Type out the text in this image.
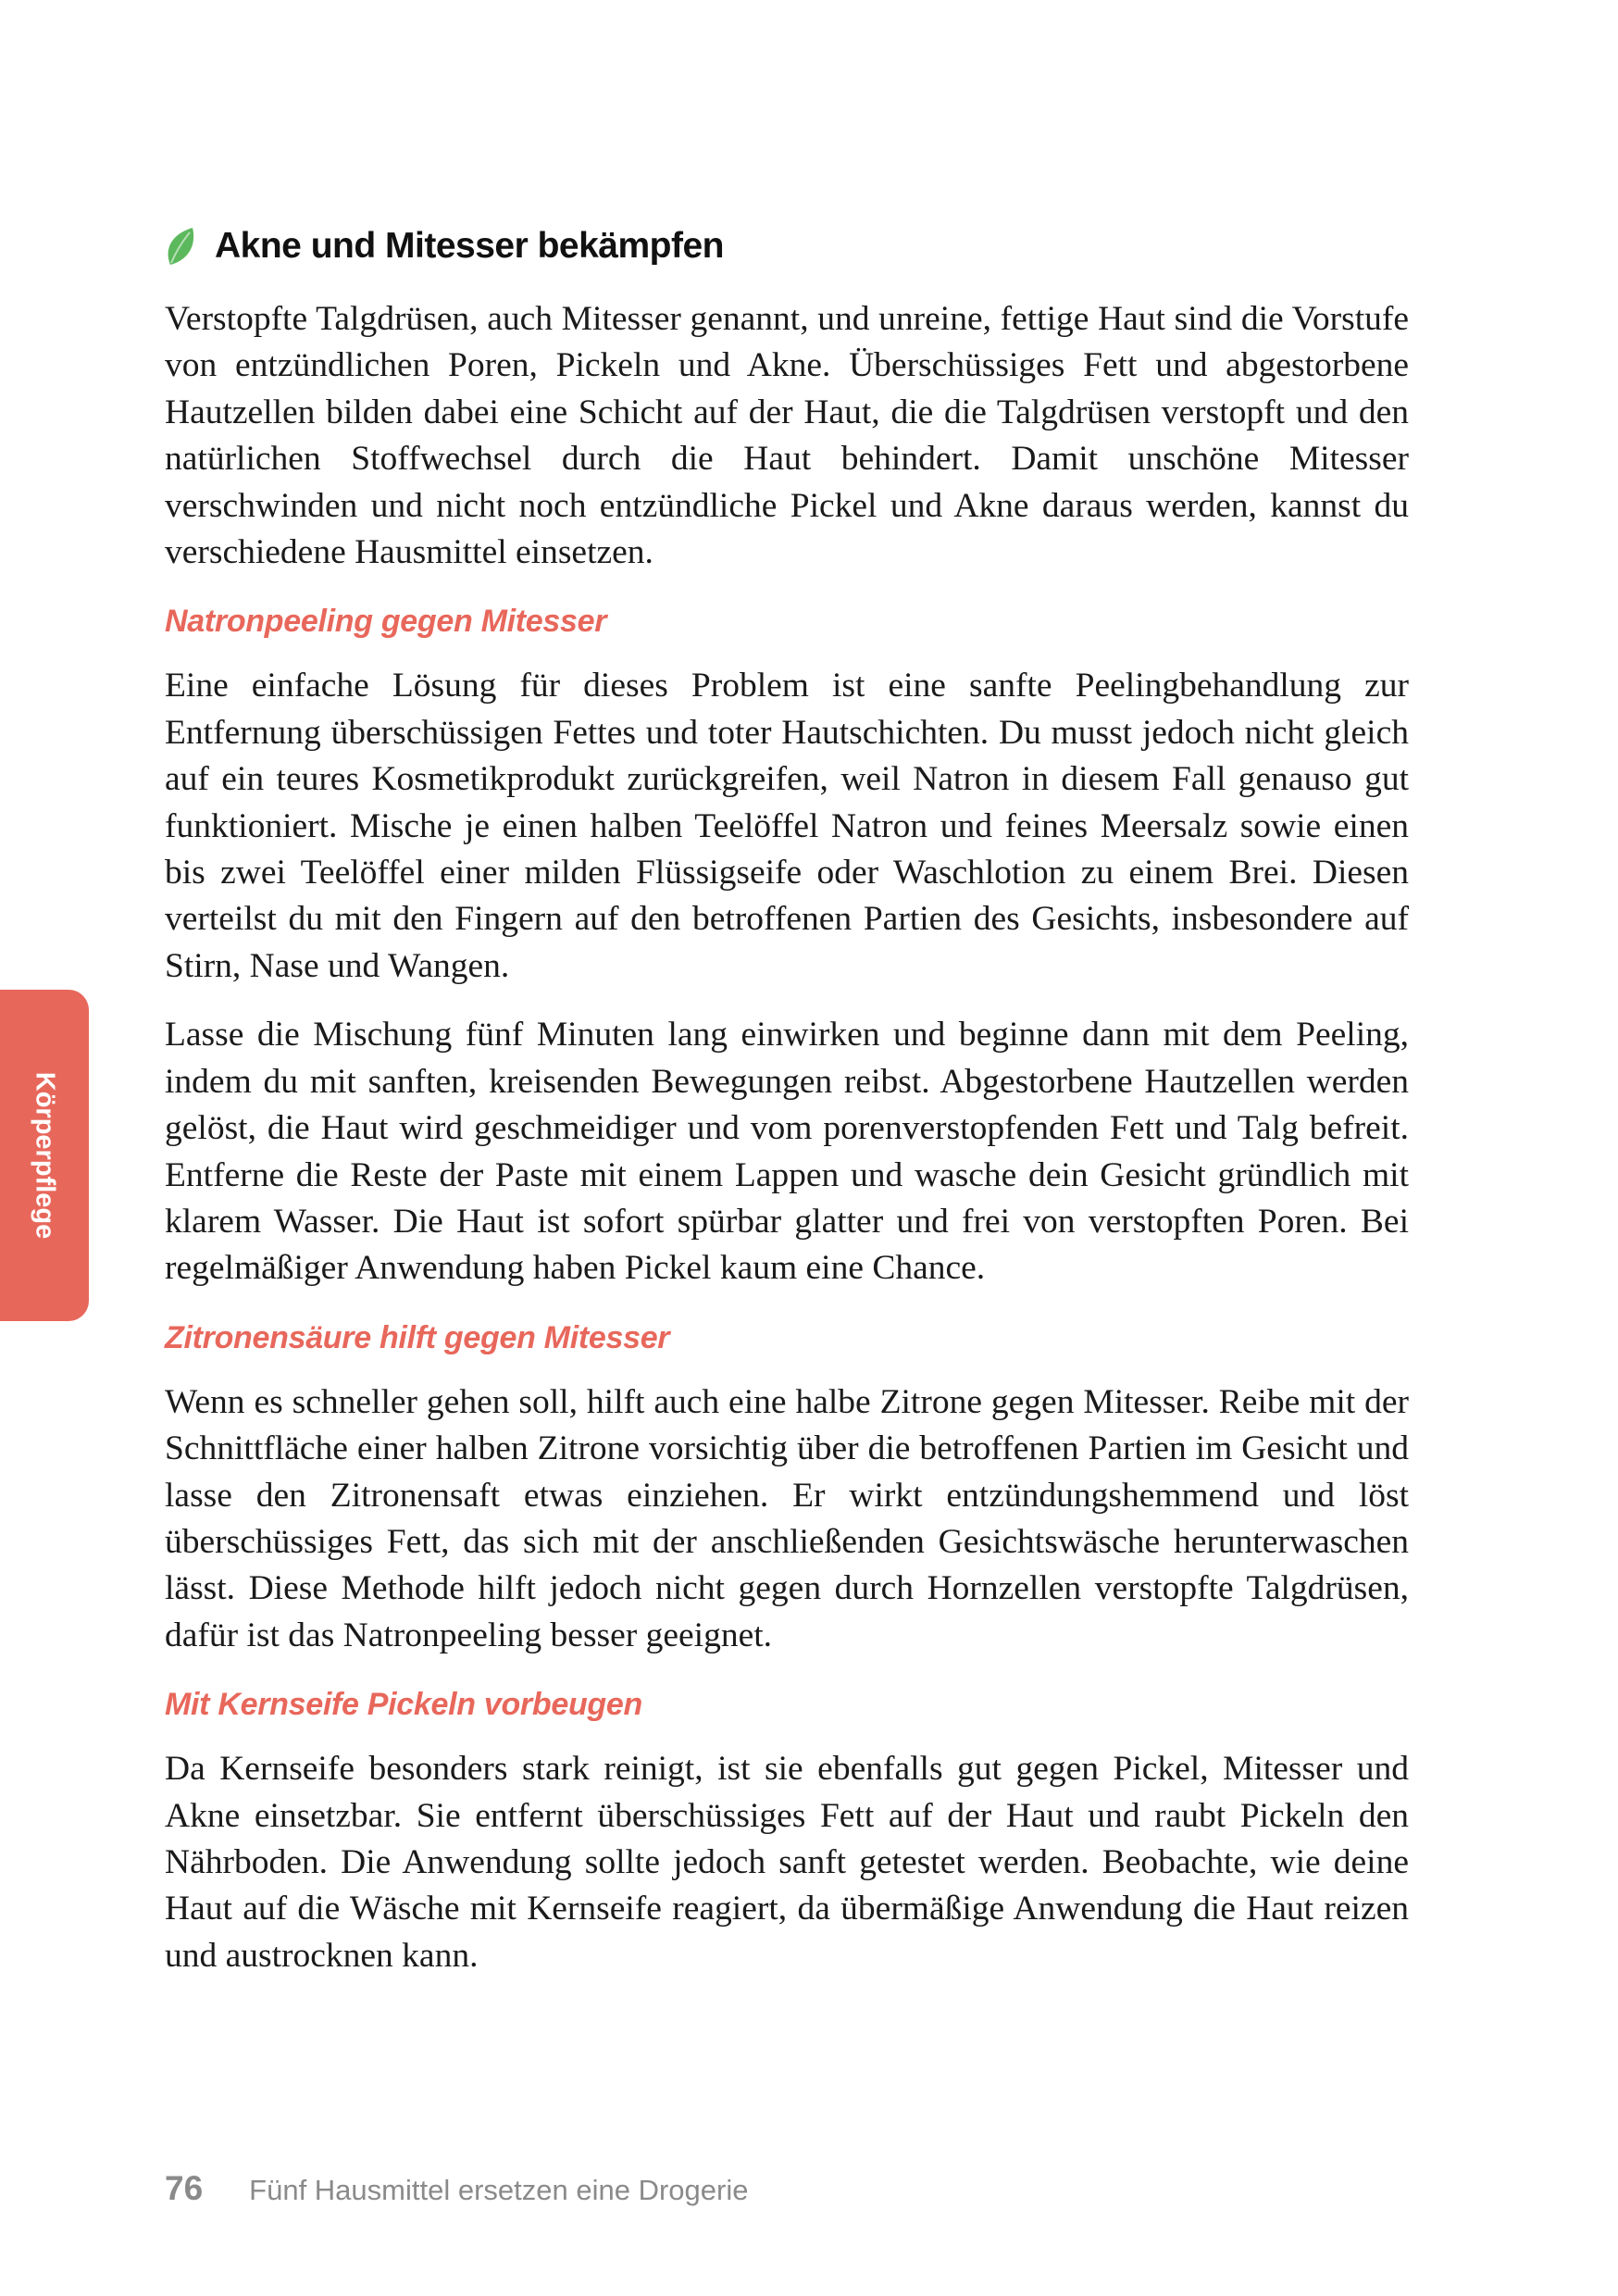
Körperpflege
Akne und Mitesser bekämpfen

Verstopfte Talgdrüsen, auch Mitesser genannt, und unreine, fettige Haut sind die Vorstufe von entzündlichen Poren, Pickeln und Akne. Überschüssiges Fett und abgestorbene Hautzellen bilden dabei eine Schicht auf der Haut, die die Talgdrüsen verstopft und den natürlichen Stoffwechsel durch die Haut behindert. Damit unschöne Mitesser verschwinden und nicht noch entzündliche Pickel und Akne daraus werden, kannst du verschiedene Hausmittel einsetzen.

Natronpeeling gegen Mitesser

Eine einfache Lösung für dieses Problem ist eine sanfte Peelingbehandlung zur Entfernung überschüssigen Fettes und toter Hautschichten. Du musst jedoch nicht gleich auf ein teures Kosmetikprodukt zurückgreifen, weil Natron in diesem Fall genauso gut funktioniert. Mische je einen halben Teelöffel Natron und feines Meersalz sowie einen bis zwei Teelöffel einer milden Flüssigseife oder Waschlotion zu einem Brei. Diesen verteilst du mit den Fingern auf den betroffenen Partien des Gesichts, insbesondere auf Stirn, Nase und Wangen.

Lasse die Mischung fünf Minuten lang einwirken und beginne dann mit dem Peeling, indem du mit sanften, kreisenden Bewegungen reibst. Abgestorbene Hautzellen werden gelöst, die Haut wird geschmeidiger und vom porenverstopfenden Fett und Talg befreit. Entferne die Reste der Paste mit einem Lappen und wasche dein Gesicht gründlich mit klarem Wasser. Die Haut ist sofort spürbar glatter und frei von verstopften Poren. Bei regelmäßiger Anwendung haben Pickel kaum eine Chance.

Zitronensäure hilft gegen Mitesser

Wenn es schneller gehen soll, hilft auch eine halbe Zitrone gegen Mitesser. Reibe mit der Schnittfläche einer halben Zitrone vorsichtig über die betroffenen Partien im Gesicht und lasse den Zitronensaft etwas einziehen. Er wirkt entzündungshemmend und löst überschüssiges Fett, das sich mit der anschließenden Gesichtswäsche herunterwaschen lässt. Diese Methode hilft jedoch nicht gegen durch Hornzellen verstopfte Talgdrüsen, dafür ist das Natronpeeling besser geeignet.

Mit Kernseife Pickeln vorbeugen

Da Kernseife besonders stark reinigt, ist sie ebenfalls gut gegen Pickel, Mitesser und Akne einsetzbar. Sie entfernt überschüssiges Fett auf der Haut und raubt Pickeln den Nährboden. Die Anwendung sollte jedoch sanft getestet werden. Beobachte, wie deine Haut auf die Wäsche mit Kernseife reagiert, da übermäßige Anwendung die Haut reizen und austrocknen kann.

76 Fünf Hausmittel ersetzen eine Drogerie
